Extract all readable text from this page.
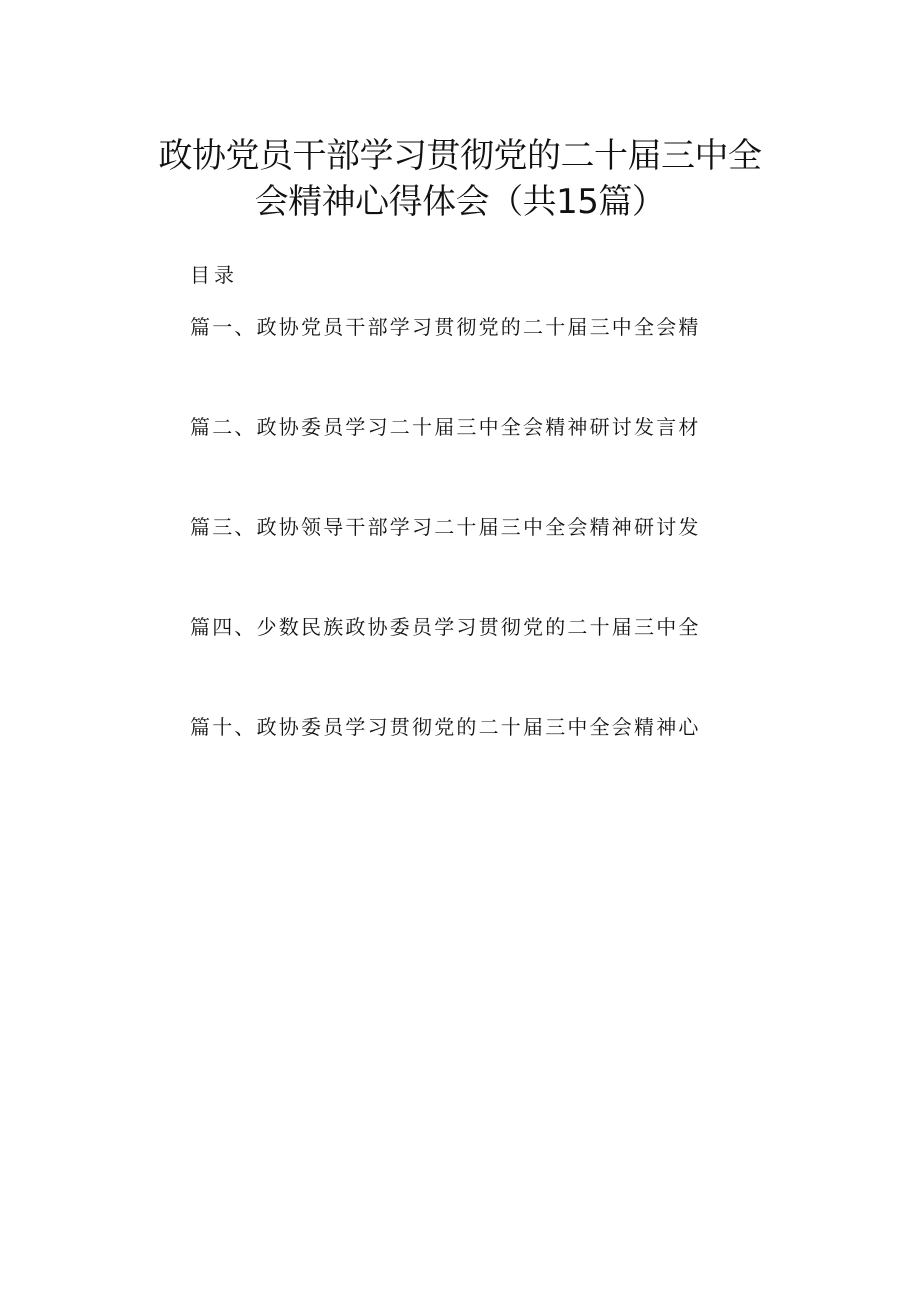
政协党员干部学习贯彻党的二十届三中全
会精神心得体会（共15篇）
目录
篇一、政协党员干部学习贯彻党的二十届三中全会精
篇二、政协委员学习二十届三中全会精神研讨发言材
篇三、政协领导干部学习二十届三中全会精神研讨发
篇四、少数民族政协委员学习贯彻党的二十届三中全
篇十、政协委员学习贯彻党的二十届三中全会精神心
